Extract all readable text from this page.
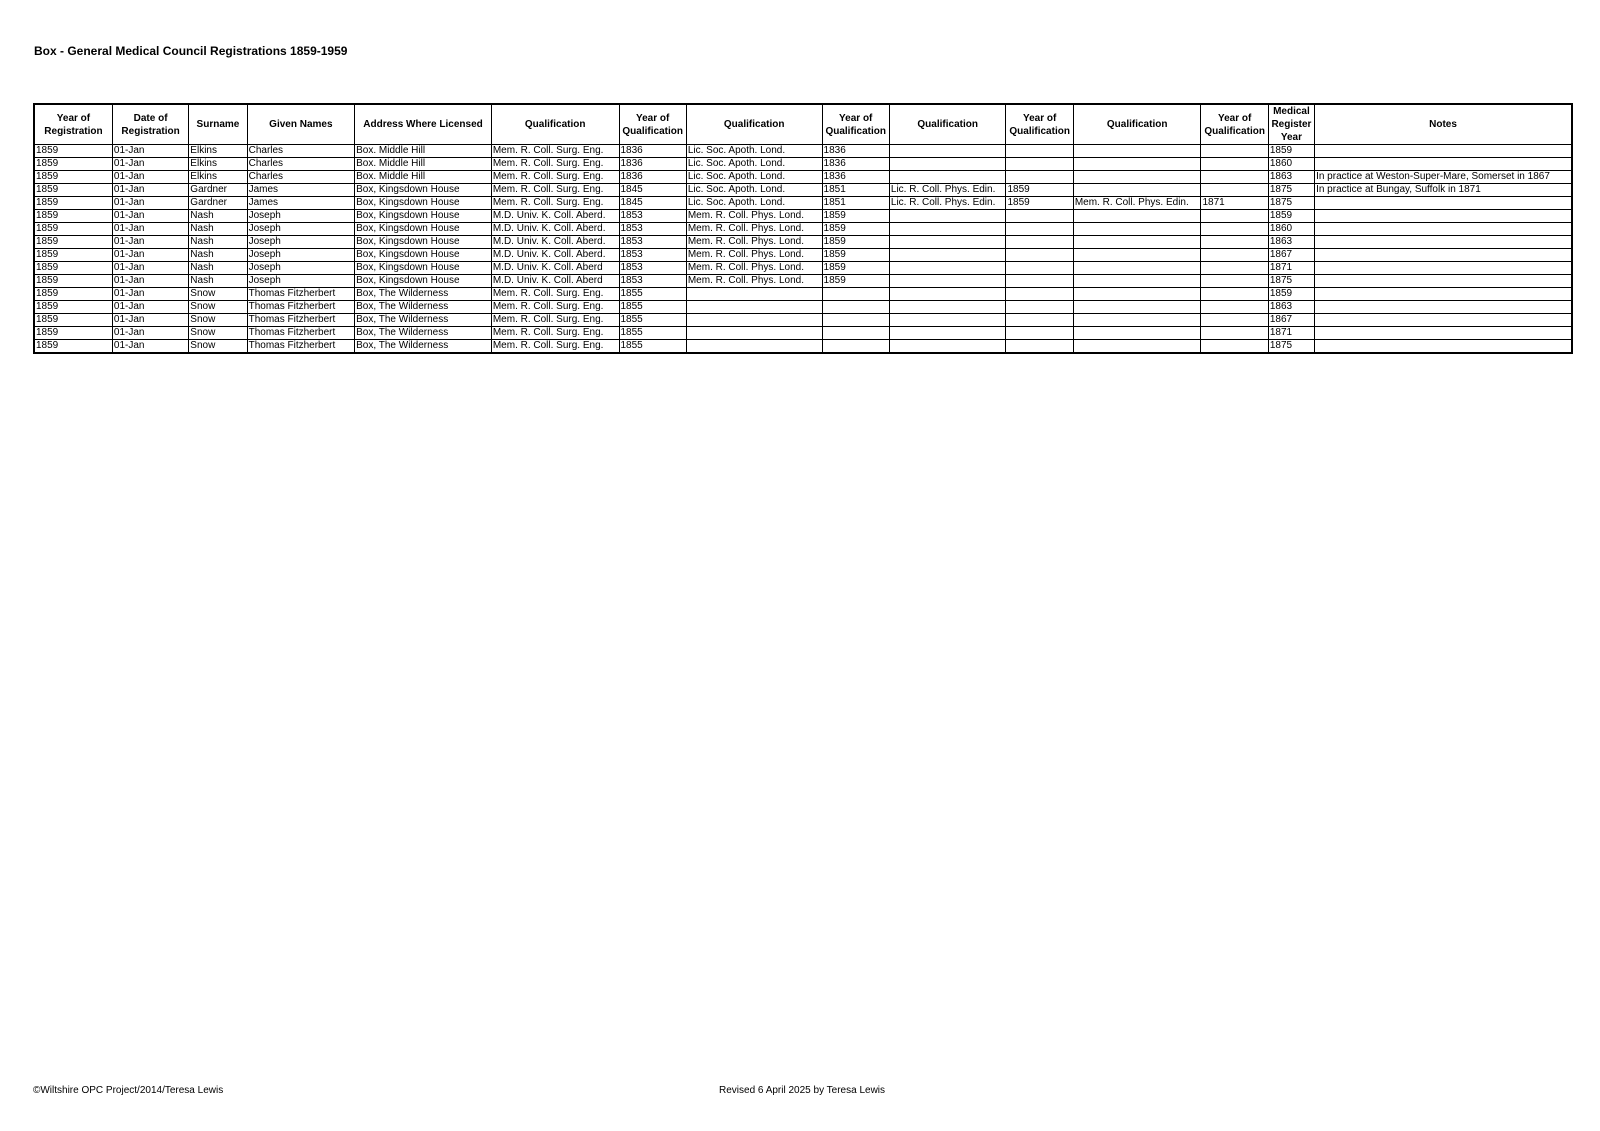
Box - General Medical Council Registrations 1859-1959
Year of Registration	Date of Registration	Surname	Given Names	Address Where Licensed	Qualification	Year of Qualification	Qualification	Year of Qualification	Qualification	Year of Qualification	Qualification	Year of Qualification	Medical Register Year	Notes
1859	01-Jan	Elkins	Charles	Box. Middle Hill	Mem. R. Coll. Surg. Eng.	1836	Lic. Soc. Apoth. Lond.	1836					1859	
1859	01-Jan	Elkins	Charles	Box. Middle Hill	Mem. R. Coll. Surg. Eng.	1836	Lic. Soc. Apoth. Lond.	1836					1860	
1859	01-Jan	Elkins	Charles	Box. Middle Hill	Mem. R. Coll. Surg. Eng.	1836	Lic. Soc. Apoth. Lond.	1836					1863	In practice at Weston-Super-Mare, Somerset in 1867
1859	01-Jan	Gardner	James	Box, Kingsdown House	Mem. R. Coll. Surg. Eng.	1845	Lic. Soc. Apoth. Lond.	1851	Lic. R. Coll. Phys. Edin.	1859			1875	In practice at Bungay, Suffolk in 1871
1859	01-Jan	Gardner	James	Box, Kingsdown House	Mem. R. Coll. Surg. Eng.	1845	Lic. Soc. Apoth. Lond.	1851	Lic. R. Coll. Phys. Edin.	1859	Mem. R. Coll. Phys. Edin.	1871	1875	
1859	01-Jan	Nash	Joseph	Box, Kingsdown House	M.D. Univ. K. Coll. Aberd.	1853	Mem. R. Coll. Phys. Lond.	1859					1859	
1859	01-Jan	Nash	Joseph	Box, Kingsdown House	M.D. Univ. K. Coll. Aberd.	1853	Mem. R. Coll. Phys. Lond.	1859					1860	
1859	01-Jan	Nash	Joseph	Box, Kingsdown House	M.D. Univ. K. Coll. Aberd.	1853	Mem. R. Coll. Phys. Lond.	1859					1863	
1859	01-Jan	Nash	Joseph	Box, Kingsdown House	M.D. Univ. K. Coll. Aberd.	1853	Mem. R. Coll. Phys. Lond.	1859					1867	
1859	01-Jan	Nash	Joseph	Box, Kingsdown House	M.D. Univ. K. Coll. Aberd	1853	Mem. R. Coll. Phys. Lond.	1859					1871	
1859	01-Jan	Nash	Joseph	Box, Kingsdown House	M.D. Univ. K. Coll. Aberd	1853	Mem. R. Coll. Phys. Lond.	1859					1875	
1859	01-Jan	Snow	Thomas Fitzherbert	Box, The Wilderness	Mem. R. Coll. Surg. Eng.	1855							1859	
1859	01-Jan	Snow	Thomas Fitzherbert	Box, The Wilderness	Mem. R. Coll. Surg. Eng.	1855							1863	
1859	01-Jan	Snow	Thomas Fitzherbert	Box, The Wilderness	Mem. R. Coll. Surg. Eng.	1855							1867	
1859	01-Jan	Snow	Thomas Fitzherbert	Box, The Wilderness	Mem. R. Coll. Surg. Eng.	1855							1871	
1859	01-Jan	Snow	Thomas Fitzherbert	Box, The Wilderness	Mem. R. Coll. Surg. Eng.	1855							1875	
©Wiltshire OPC Project/2014/Teresa Lewis	Revised 6 April 2025 by Teresa Lewis
